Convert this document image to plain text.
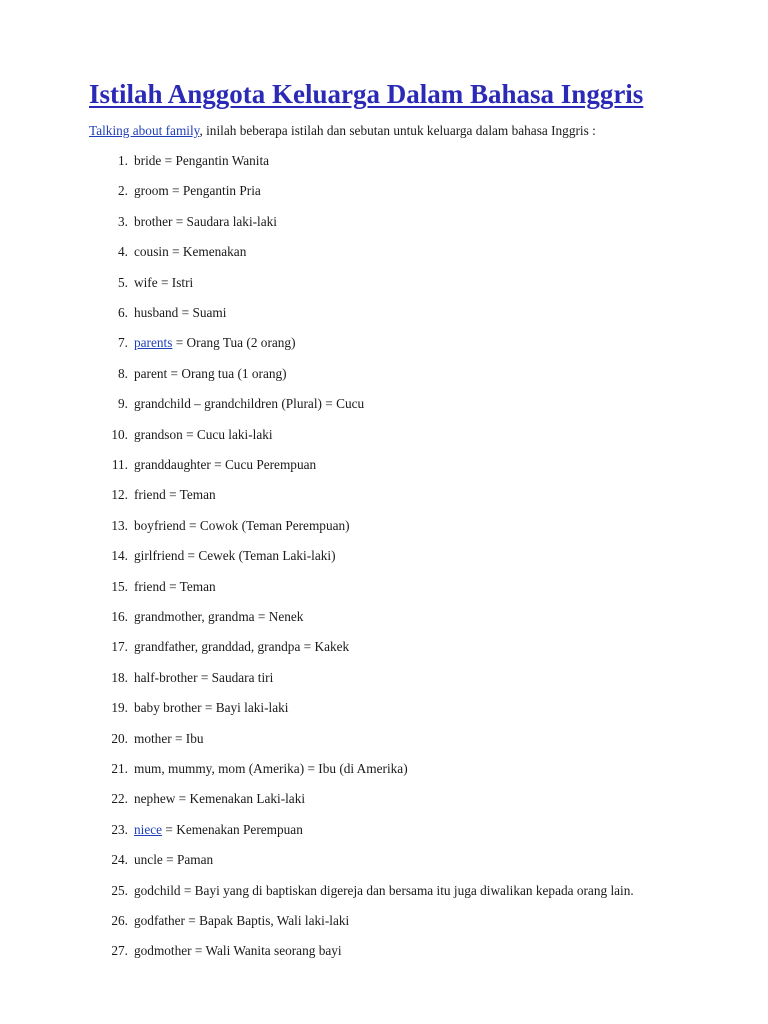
Istilah Anggota Keluarga Dalam Bahasa Inggris

Talking about family, inilah beberapa istilah dan sebutan untuk keluarga dalam bahasa Inggris :

1. bride = Pengantin Wanita
2. groom = Pengantin Pria
3. brother = Saudara laki-laki
4. cousin = Kemenakan
5. wife = Istri
6. husband = Suami
7. parents = Orang Tua (2 orang)
8. parent = Orang tua (1 orang)
9. grandchild – grandchildren (Plural) = Cucu
10. grandson = Cucu laki-laki
11. granddaughter = Cucu Perempuan
12. friend = Teman
13. boyfriend = Cowok (Teman Perempuan)
14. girlfriend = Cewek (Teman Laki-laki)
15. friend = Teman
16. grandmother, grandma = Nenek
17. grandfather, granddad, grandpa = Kakek
18. half-brother = Saudara tiri
19. baby brother = Bayi laki-laki
20. mother = Ibu
21. mum, mummy, mom (Amerika) = Ibu (di Amerika)
22. nephew = Kemenakan Laki-laki
23. niece = Kemenakan Perempuan
24. uncle = Paman
25. godchild = Bayi yang di baptiskan digereja dan bersama itu juga diwalikan kepada orang lain.
26. godfather = Bapak Baptis, Wali laki-laki
27. godmother = Wali Wanita seorang bayi
